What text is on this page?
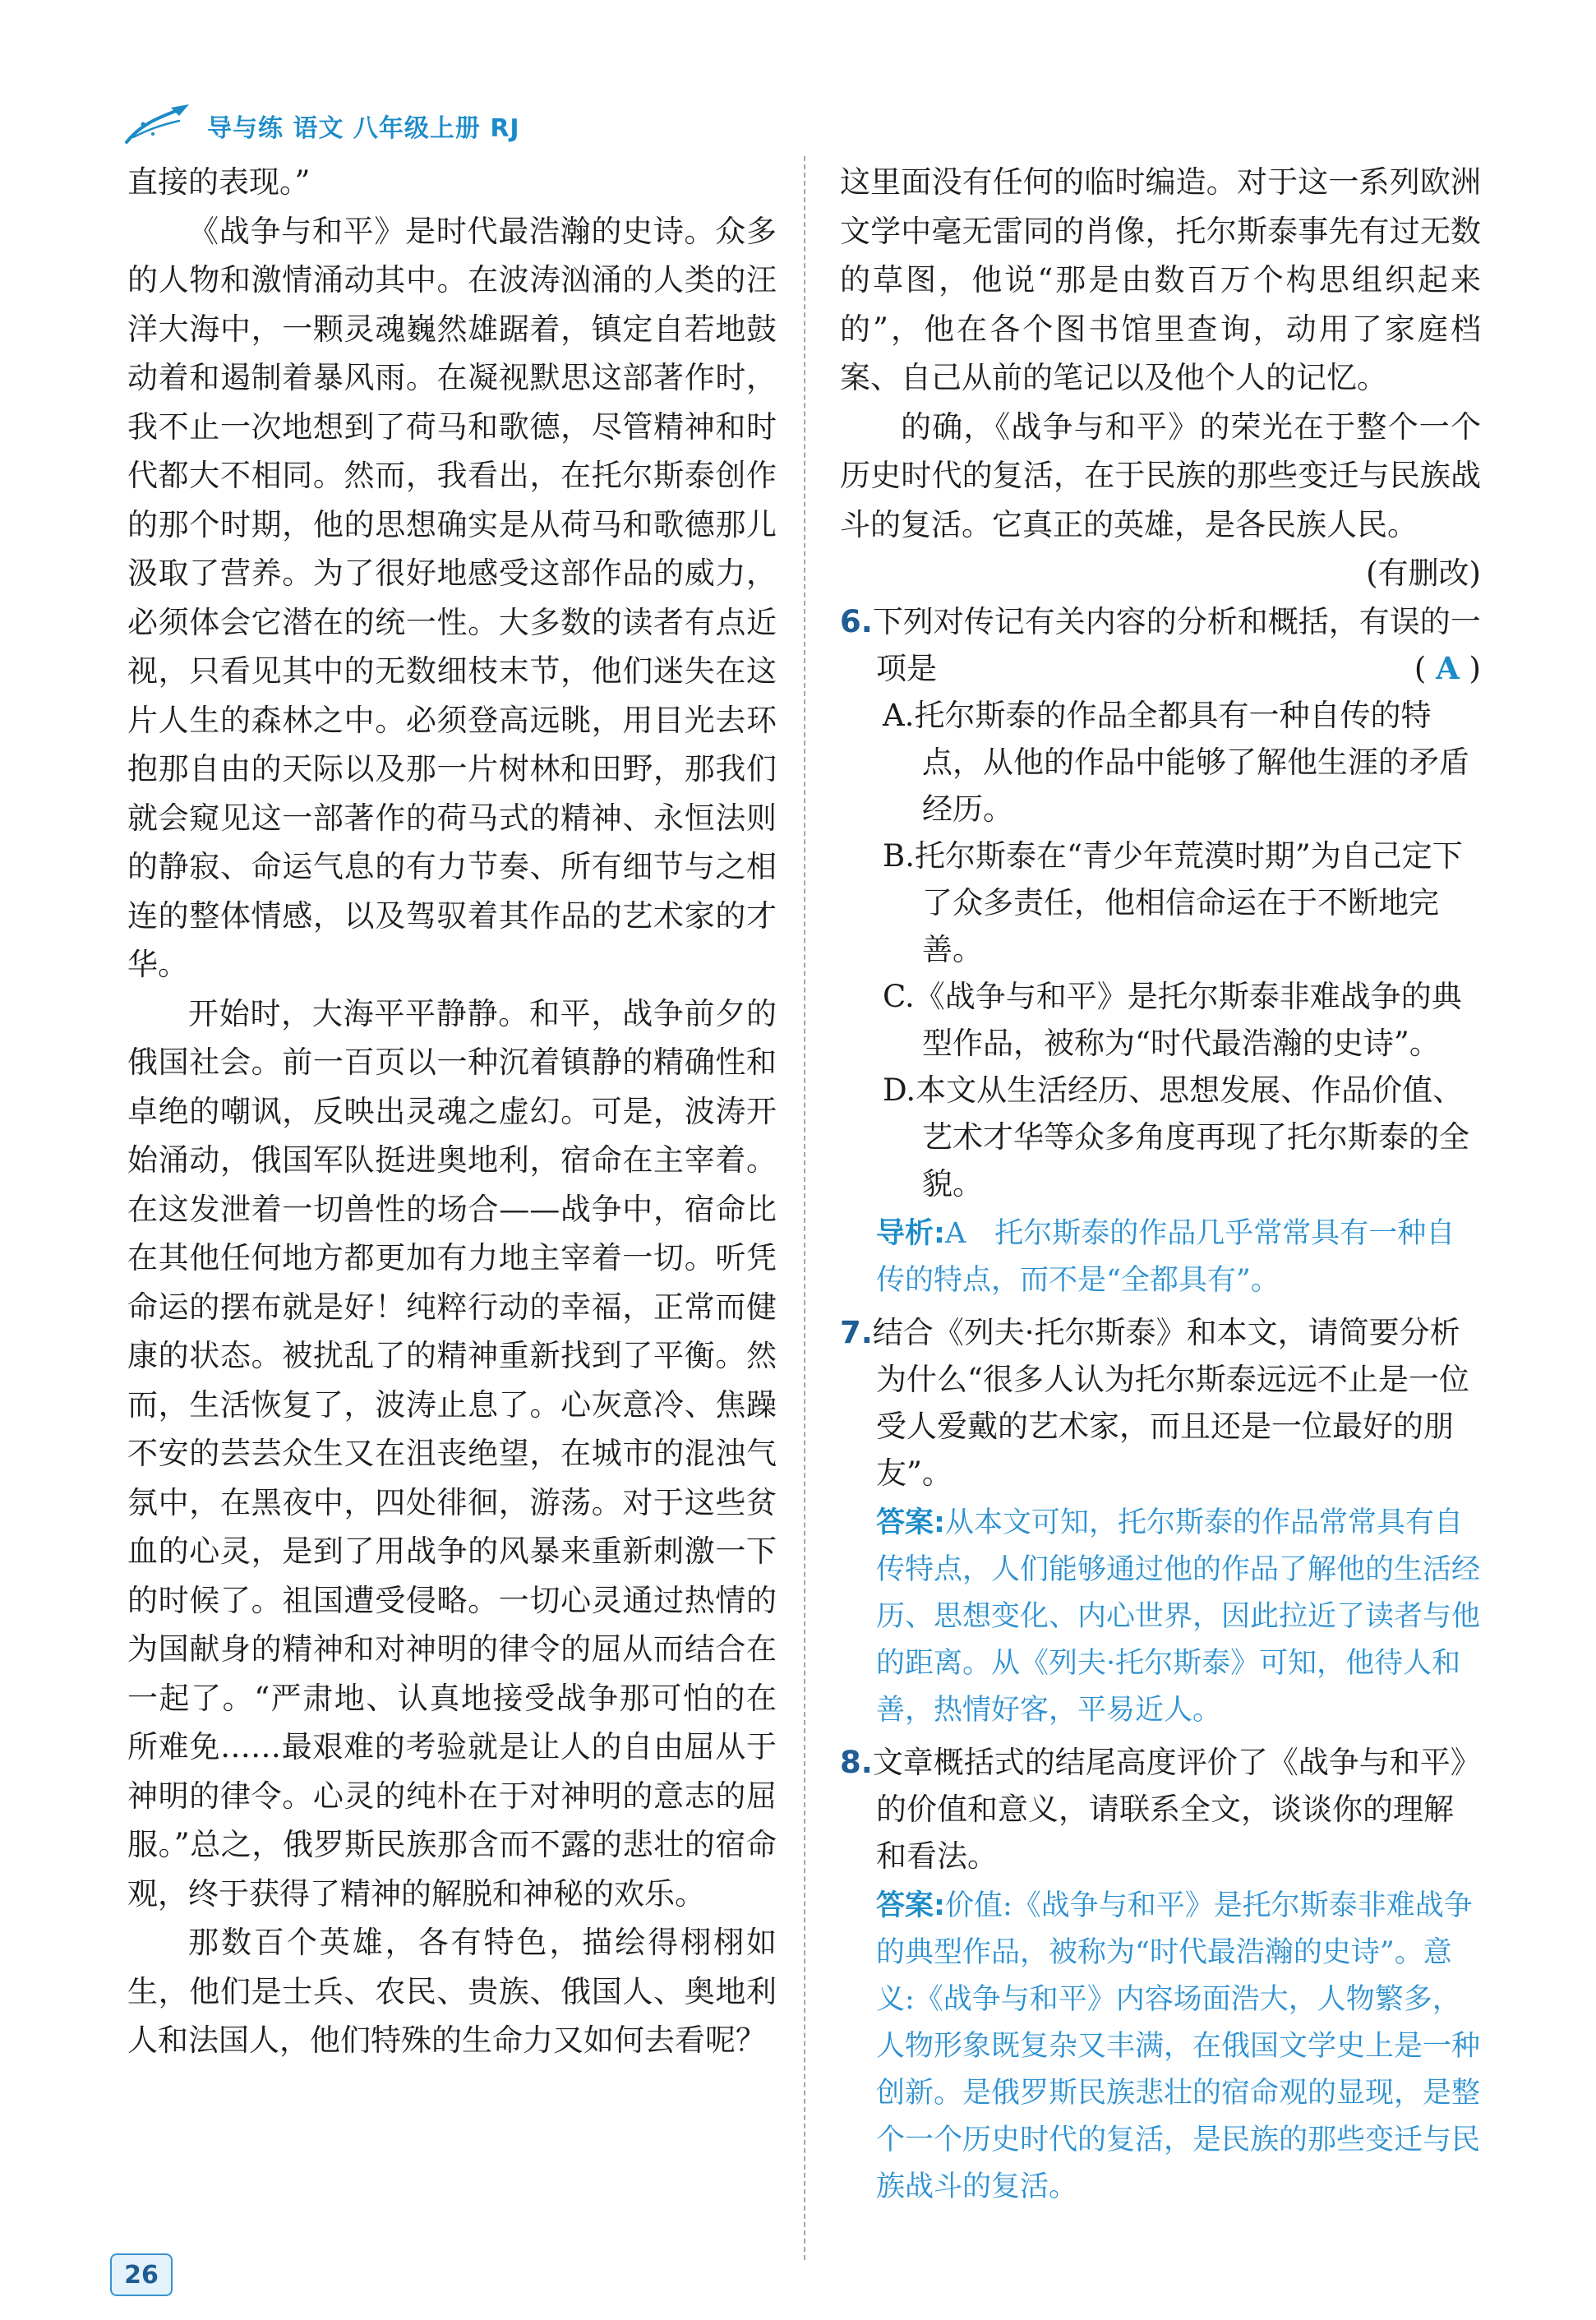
导与练 语文 八年级上册 RJ

直接的表现。”

《战争与和平》是时代最浩瀚的史诗。众多的人物和激情涌动其中。在波涛汹涌的人类的汪洋大海中，一颗灵魂巍然雄踞着，镇定自若地鼓动着和遏制着暴风雨。在凝视默思这部著作时，我不止一次地想到了荷马和歌德，尽管精神和时代都大不相同。然而，我看出，在托尔斯泰创作的那个时期，他的思想确实是从荷马和歌德那儿汲取了营养。为了很好地感受这部作品的威力，必须体会它潜在的统一性。大多数的读者有点近视，只看见其中的无数细枝末节，他们迷失在这片人生的森林之中。必须登高远眺，用目光去环抱那自由的天际以及那一片树林和田野，那我们就会窥见这一部著作的荷马式的精神、永恒法则的静寂、命运气息的有力节奏、所有细节与之相连的整体情感，以及驾驭着其作品的艺术家的才华。

开始时，大海平平静静。和平，战争前夕的俄国社会。前一百页以一种沉着镇静的精确性和卓绝的嘲讽，反映出灵魂之虚幻。可是，波涛开始涌动，俄国军队挺进奥地利，宿命在主宰着。在这发泄着一切兽性的场合——战争中，宿命比在其他任何地方都更加有力地主宰着一切。听凭命运的摆布就是好！纯粹行动的幸福，正常而健康的状态。被扰乱了的精神重新找到了平衡。然而，生活恢复了，波涛止息了。心灰意冷、焦躁不安的芸芸众生又在沮丧绝望，在城市的混浊气氛中，在黑夜中，四处徘徊，游荡。对于这些贫血的心灵，是到了用战争的风暴来重新刺激一下的时候了。祖国遭受侵略。一切心灵通过热情的为国献身的精神和对神明的律令的屈从而结合在一起了。“严肃地、认真地接受战争那可怕的在所难免……最艰难的考验就是让人的自由屈从于神明的律令。心灵的纯朴在于对神明的意志的屈服。”总之，俄罗斯民族那含而不露的悲壮的宿命观，终于获得了精神的解脱和神秘的欢乐。

那数百个英雄，各有特色，描绘得栩栩如生，他们是士兵、农民、贵族、俄国人、奥地利人和法国人，他们特殊的生命力又如何去看呢？

这里面没有任何的临时编造。对于这一系列欧洲文学中毫无雷同的肖像，托尔斯泰事先有过无数的草图，他说“那是由数百万个构思组织起来的”，他在各个图书馆里查询，动用了家庭档案、自己从前的笔记以及他个人的记忆。

的确，《战争与和平》的荣光在于整个一个历史时代的复活，在于民族的那些变迁与民族战斗的复活。它真正的英雄，是各民族人民。

(有删改)

6.下列对传记有关内容的分析和概括，有误的一项是	( A )

A.托尔斯泰的作品全都具有一种自传的特点，从他的作品中能够了解他生涯的矛盾经历。

B.托尔斯泰在“青少年荒漠时期”为自己定下了众多责任，他相信命运在于不断地完善。

C.《战争与和平》是托尔斯泰非难战争的典型作品，被称为“时代最浩瀚的史诗”。

D.本文从生活经历、思想发展、作品价值、艺术才华等众多角度再现了托尔斯泰的全貌。

导析:A　托尔斯泰的作品几乎常常具有一种自传的特点，而不是“全都具有”。

7.结合《列夫·托尔斯泰》和本文，请简要分析为什么“很多人认为托尔斯泰远远不止是一位受人爱戴的艺术家，而且还是一位最好的朋友”。

答案:从本文可知，托尔斯泰的作品常常具有自传特点，人们能够通过他的作品了解他的生活经历、思想变化、内心世界，因此拉近了读者与他的距离。从《列夫·托尔斯泰》可知，他待人和善，热情好客，平易近人。

8.文章概括式的结尾高度评价了《战争与和平》的价值和意义，请联系全文，谈谈你的理解和看法。

答案:价值:《战争与和平》是托尔斯泰非难战争的典型作品，被称为“时代最浩瀚的史诗”。意义:《战争与和平》内容场面浩大，人物繁多，人物形象既复杂又丰满，在俄国文学史上是一种创新。是俄罗斯民族悲壮的宿命观的显现，是整个一个历史时代的复活，是民族的那些变迁与民族战斗的复活。

26
